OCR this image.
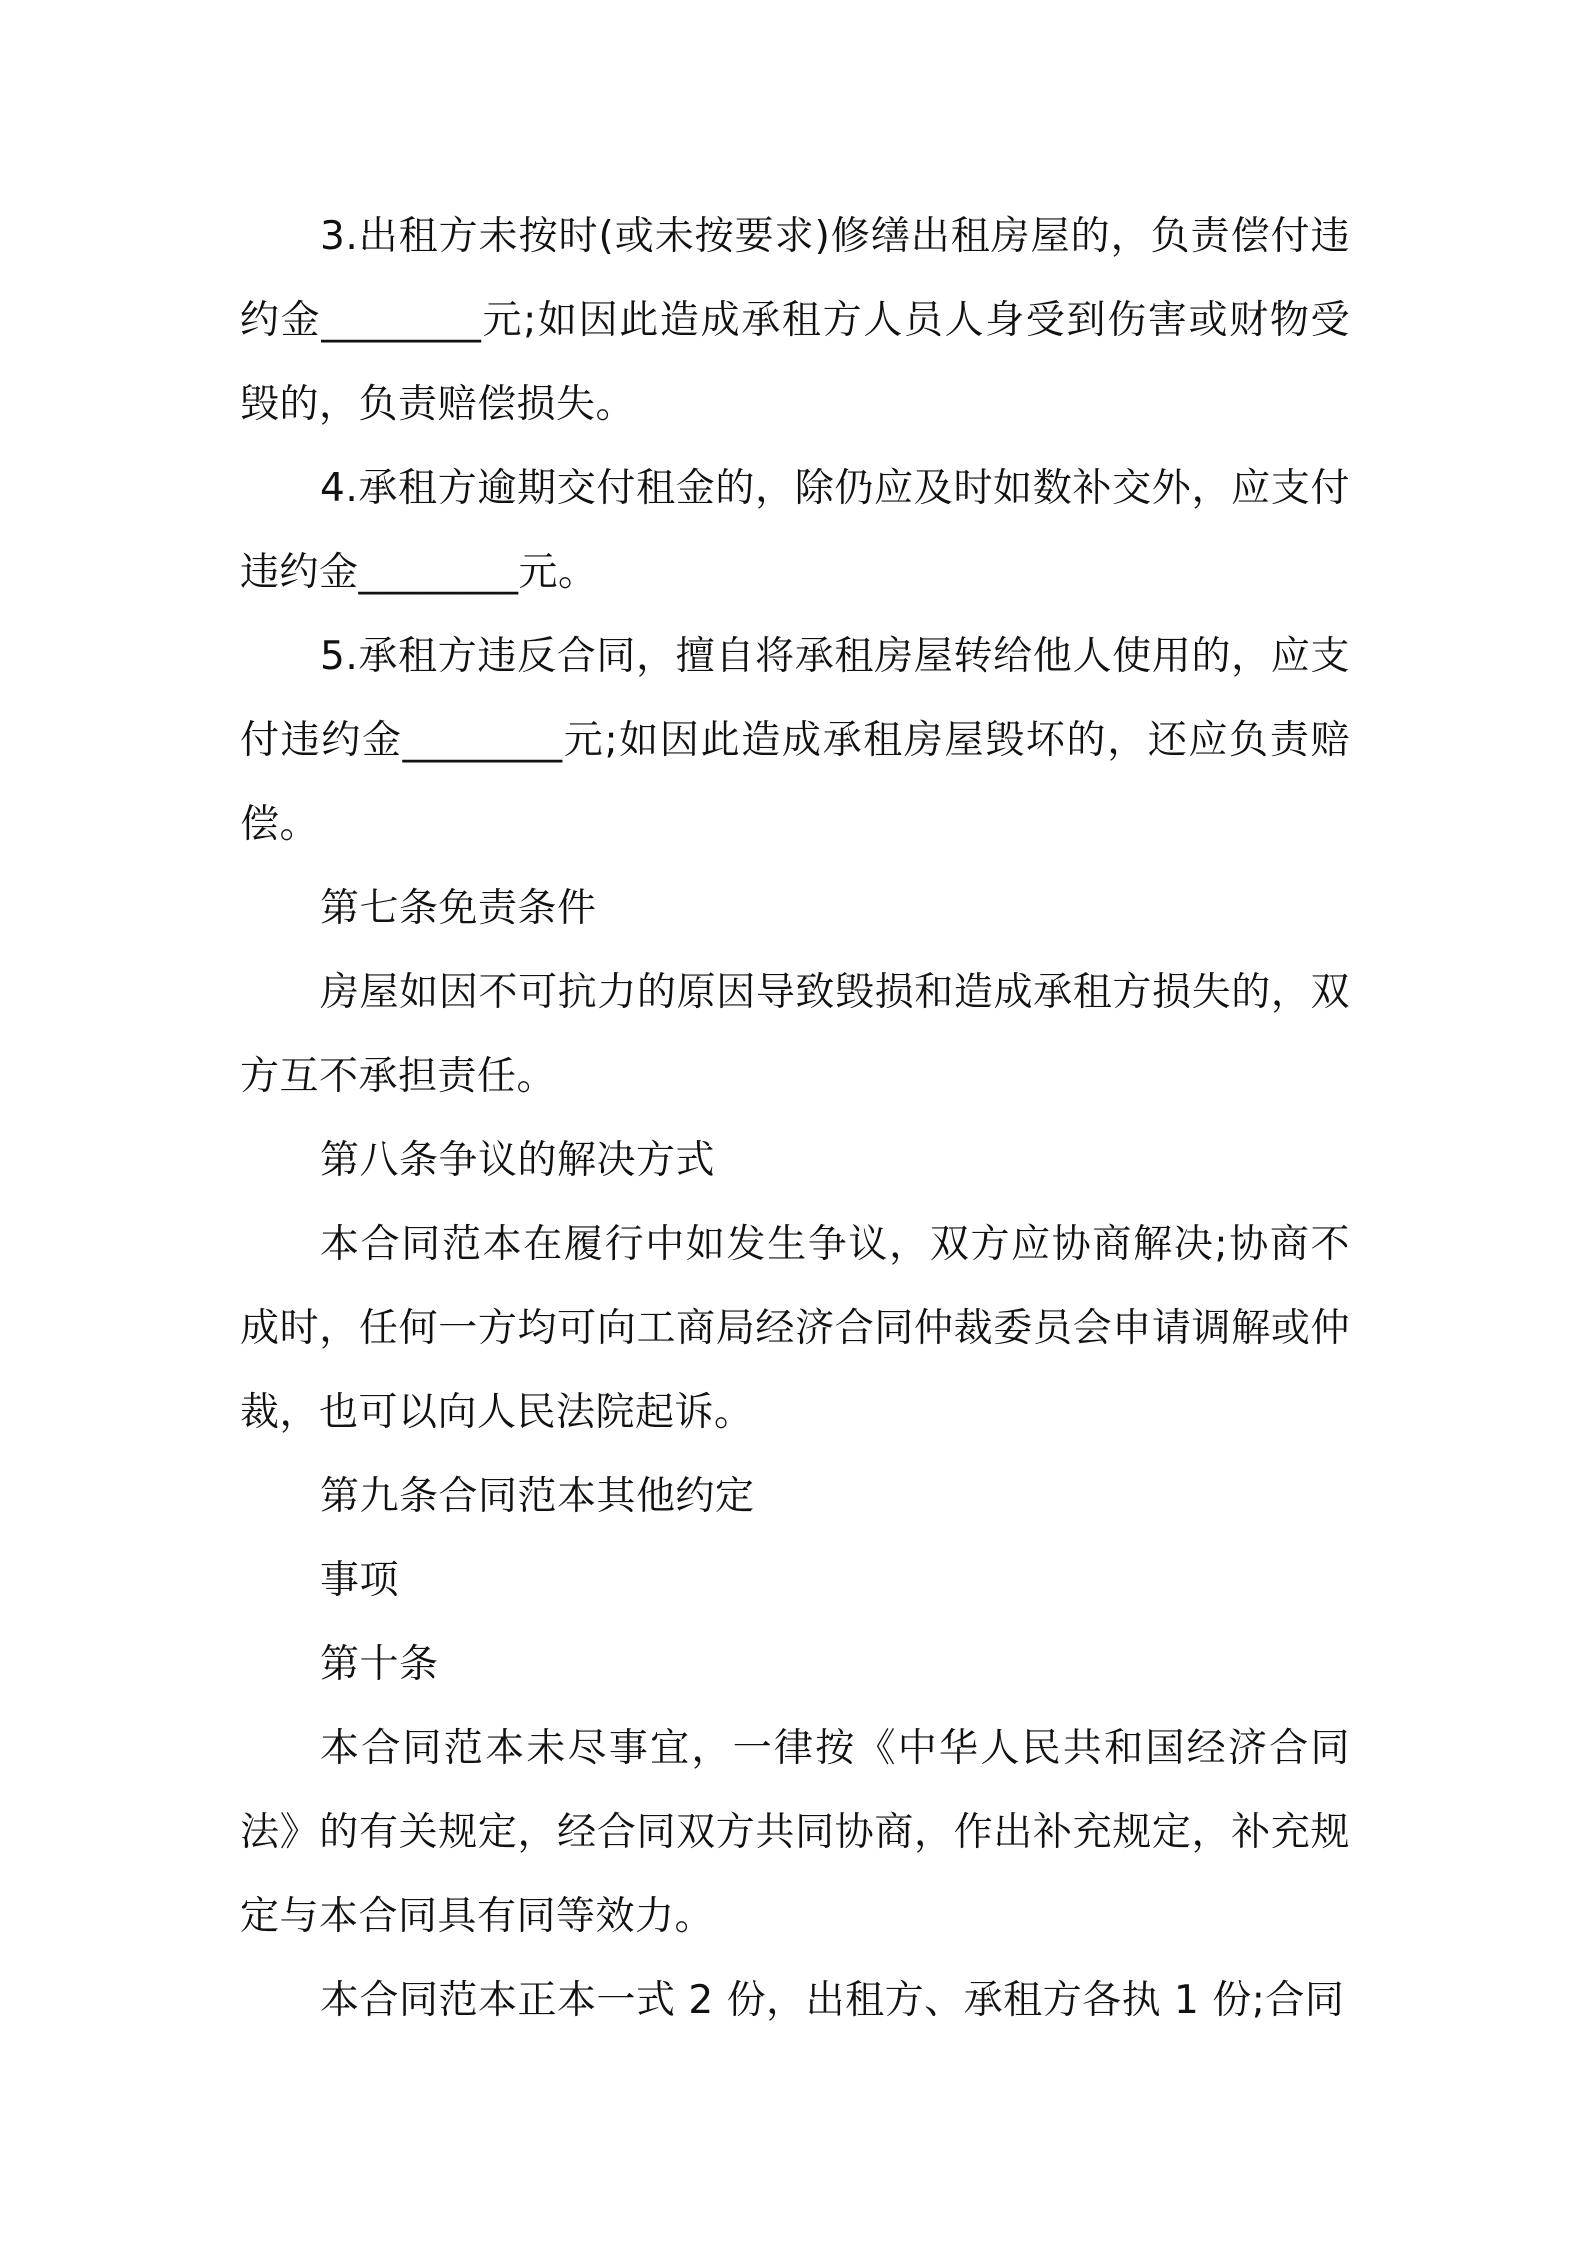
3.出租方未按时(或未按要求)修缮出租房屋的，负责偿付违约金________元;如因此造成承租方人员人身受到伤害或财物受毁的，负责赔偿损失。

4.承租方逾期交付租金的，除仍应及时如数补交外，应支付违约金________元。

5.承租方违反合同，擅自将承租房屋转给他人使用的，应支付违约金________元;如因此造成承租房屋毁坏的，还应负责赔偿。

第七条免责条件

房屋如因不可抗力的原因导致毁损和造成承租方损失的，双方互不承担责任。

第八条争议的解决方式

本合同范本在履行中如发生争议，双方应协商解决;协商不成时，任何一方均可向工商局经济合同仲裁委员会申请调解或仲裁，也可以向人民法院起诉。

第九条合同范本其他约定

事项

第十条

本合同范本未尽事宜，一律按《中华人民共和国经济合同法》的有关规定，经合同双方共同协商，作出补充规定，补充规定与本合同具有同等效力。

本合同范本正本一式 2 份，出租方、承租方各执 1 份;合同
